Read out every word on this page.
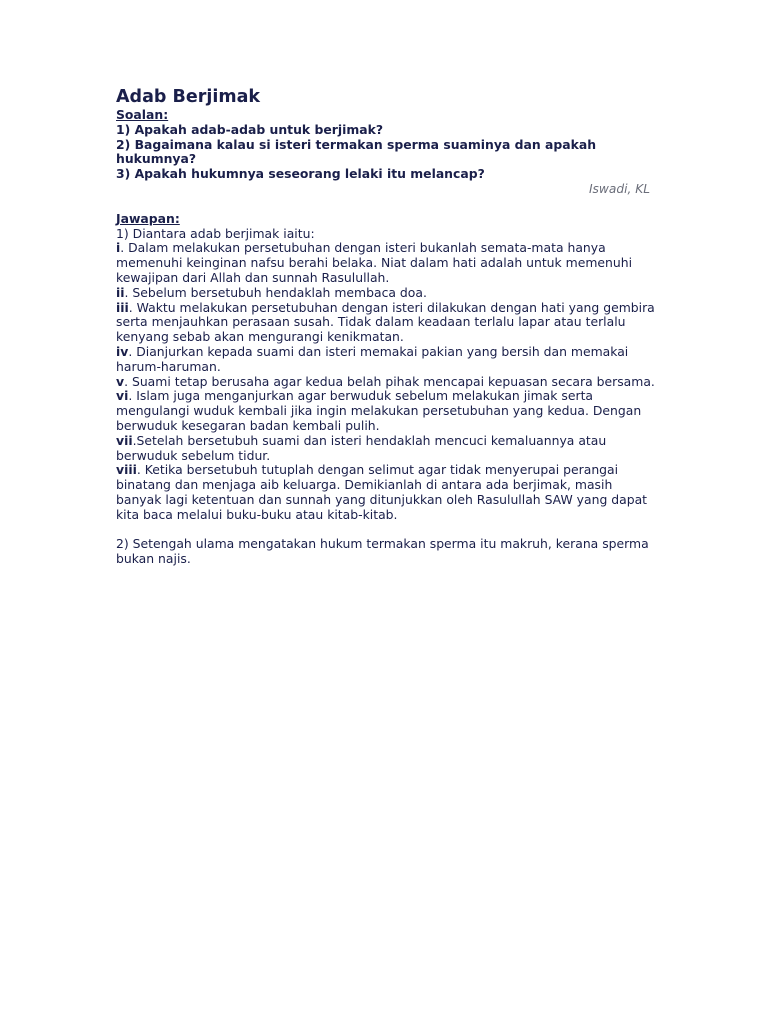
Adab Berjimak
Soalan:
1) Apakah adab-adab untuk berjimak?
2) Bagaimana kalau si isteri termakan sperma suaminya dan apakah hukumnya?
3) Apakah hukumnya seseorang lelaki itu melancap?
Iswadi, KL
Jawapan:
1) Diantara adab berjimak iaitu:
i. Dalam melakukan persetubuhan dengan isteri bukanlah semata-mata hanya memenuhi keinginan nafsu berahi belaka. Niat dalam hati adalah untuk memenuhi kewajipan dari Allah dan sunnah Rasulullah.
ii. Sebelum bersetubuh hendaklah membaca doa.
iii. Waktu melakukan persetubuhan dengan isteri dilakukan dengan hati yang gembira serta menjauhkan perasaan susah. Tidak dalam keadaan terlalu lapar atau terlalu kenyang sebab akan mengurangi kenikmatan.
iv. Dianjurkan kepada suami dan isteri memakai pakian yang bersih dan memakai harum-haruman.
v. Suami tetap berusaha agar kedua belah pihak mencapai kepuasan secara bersama.
vi. Islam juga menganjurkan agar berwuduk sebelum melakukan jimak serta mengulangi wuduk kembali jika ingin melakukan persetubuhan yang kedua. Dengan berwuduk kesegaran badan kembali pulih.
vii.Setelah bersetubuh suami dan isteri hendaklah mencuci kemaluannya atau berwuduk sebelum tidur.
viii. Ketika bersetubuh tutuplah dengan selimut agar tidak menyerupai perangai binatang dan menjaga aib keluarga. Demikianlah di antara ada berjimak, masih banyak lagi ketentuan dan sunnah yang ditunjukkan oleh Rasulullah SAW yang dapat kita baca melalui buku-buku atau kitab-kitab.
2) Setengah ulama mengatakan hukum termakan sperma itu makruh, kerana sperma bukan najis.
